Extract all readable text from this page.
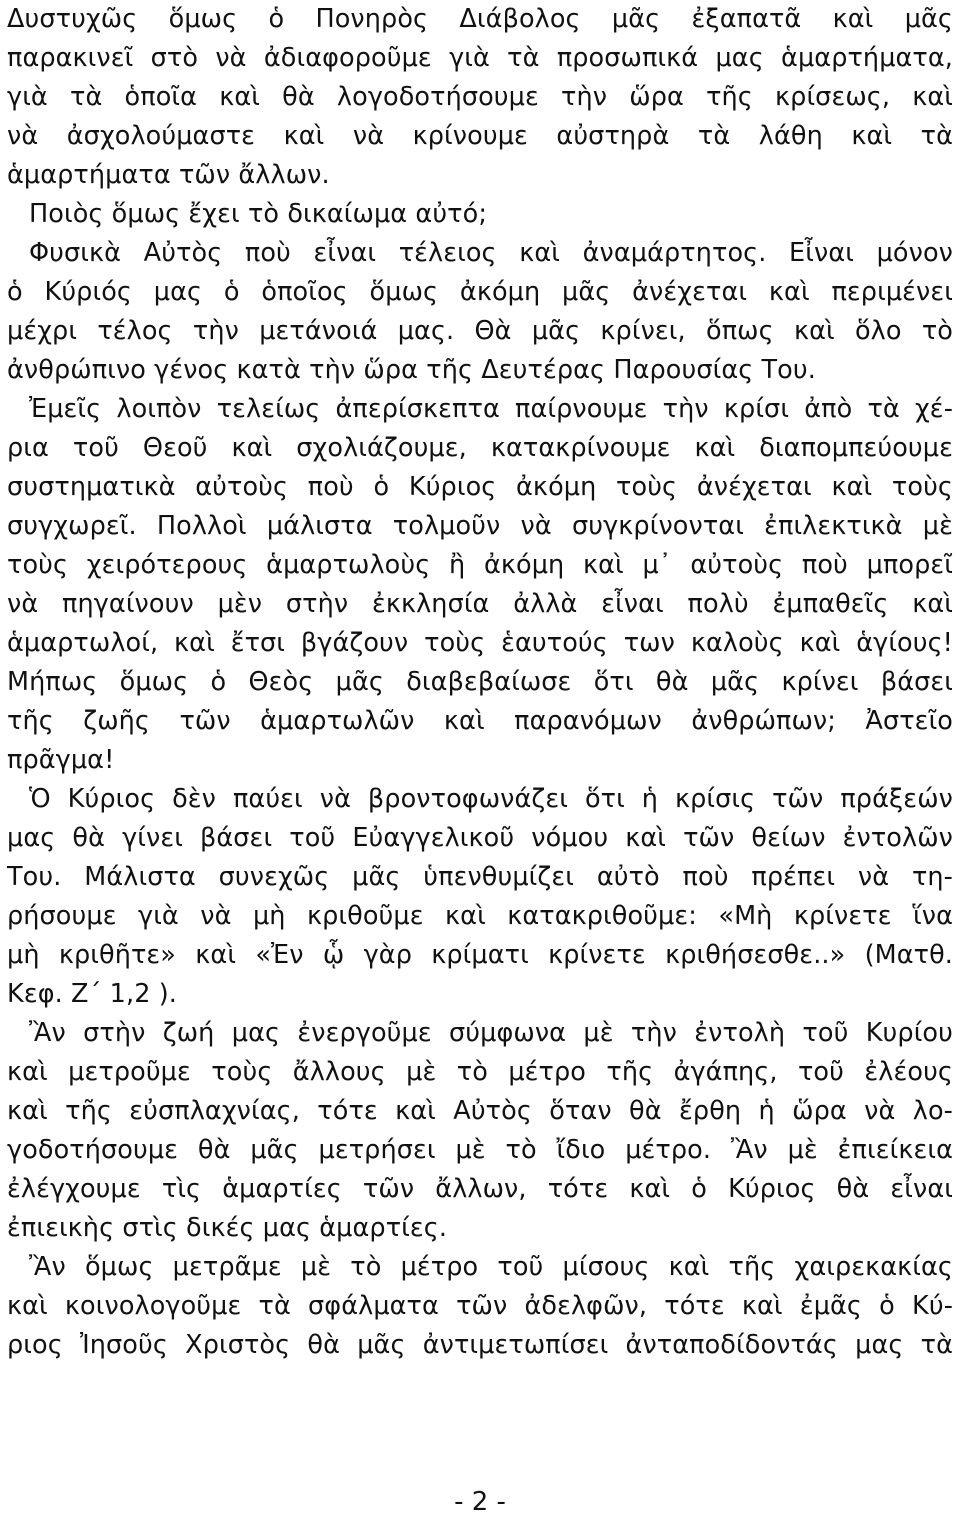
Δυστυχῶς ὅμως ὁ Πονηρὸς Διάβολος μᾶς ἐξαπατᾶ καὶ μᾶς
παρακινεῖ στὸ νὰ ἀδιαφοροῦμε γιὰ τὰ προσωπικά μας ἁμαρτήματα,
γιὰ τὰ ὁποῖα καὶ θὰ λογοδοτήσουμε τὴν ὥρα τῆς κρίσεως, καὶ
νὰ ἀσχολούμαστε καὶ νὰ κρίνουμε αὐστηρὰ τὰ λάθη καὶ τὰ
ἁμαρτήματα τῶν ἄλλων.
Ποιὸς ὅμως ἔχει τὸ δικαίωμα αὐτό;
Φυσικὰ Αὐτὸς ποὺ εἶναι τέλειος καὶ ἀναμάρτητος. Εἶναι μόνον
ὁ Κύριός μας ὁ ὁποῖος ὅμως ἀκόμη μᾶς ἀνέχεται καὶ περιμένει
μέχρι τέλος τὴν μετάνοιά μας. Θὰ μᾶς κρίνει, ὅπως καὶ ὅλο τὸ
ἀνθρώπινο γένος κατὰ τὴν ὥρα τῆς Δευτέρας Παρουσίας Του.
Ἐμεῖς λοιπὸν τελείως ἀπερίσκεπτα παίρνουμε τὴν κρίσι ἀπὸ τὰ χέ-
ρια τοῦ Θεοῦ καὶ σχολιάζουμε, κατακρίνουμε καὶ διαπομπεύουμε
συστηματικὰ αὐτοὺς ποὺ ὁ Κύριος ἀκόμη τοὺς ἀνέχεται καὶ τοὺς
συγχωρεῖ. Πολλοὶ μάλιστα τολμοῦν νὰ συγκρίνονται ἐπιλεκτικὰ μὲ
τοὺς χειρότερους ἁμαρτωλοὺς ἢ ἀκόμη καὶ μ᾽ αὐτοὺς ποὺ μπορεῖ
νὰ πηγαίνουν μὲν στὴν ἐκκλησία ἀλλὰ εἶναι πολὺ ἐμπαθεῖς καὶ
ἁμαρτωλοί, καὶ ἔτσι βγάζουν τοὺς ἑαυτούς των καλοὺς καὶ ἁγίους!
Μήπως ὅμως ὁ Θεὸς μᾶς διαβεβαίωσε ὅτι θὰ μᾶς κρίνει βάσει
τῆς ζωῆς τῶν ἁμαρτωλῶν καὶ παρανόμων ἀνθρώπων; Ἀστεῖο
πρᾶγμα!
Ὁ Κύριος δὲν παύει νὰ βροντοφωνάζει ὅτι ἡ κρίσις τῶν πράξεών
μας θὰ γίνει βάσει τοῦ Εὐαγγελικοῦ νόμου καὶ τῶν θείων ἐντολῶν
Του. Μάλιστα συνεχῶς μᾶς ὑπενθυμίζει αὐτὸ ποὺ πρέπει νὰ τη-
ρήσουμε γιὰ νὰ μὴ κριθοῦμε καὶ κατακριθοῦμε: «Μὴ κρίνετε ἵνα
μὴ κριθῆτε» καὶ «Ἐν ᾧ γὰρ κρίματι κρίνετε κριθήσεσθε..» (Ματθ.
Κεφ. Ζ΄ 1,2 ).
Ἂν στὴν ζωή μας ἐνεργοῦμε σύμφωνα μὲ τὴν ἐντολὴ τοῦ Κυρίου
καὶ μετροῦμε τοὺς ἄλλους μὲ τὸ μέτρο τῆς ἀγάπης, τοῦ ἐλέους
καὶ τῆς εὐσπλαχνίας, τότε καὶ Αὐτὸς ὅταν θὰ ἔρθη ἡ ὥρα νὰ λο-
γοδοτήσουμε θὰ μᾶς μετρήσει μὲ τὸ ἴδιο μέτρο. Ἂν μὲ ἐπιείκεια
ἐλέγχουμε τὶς ἁμαρτίες τῶν ἄλλων, τότε καὶ ὁ Κύριος θὰ εἶναι
ἐπιεικὴς στὶς δικές μας ἁμαρτίες.
Ἂν ὅμως μετρᾶμε μὲ τὸ μέτρο τοῦ μίσους καὶ τῆς χαιρεκακίας
καὶ κοινολογοῦμε τὰ σφάλματα τῶν ἀδελφῶν, τότε καὶ ἐμᾶς ὁ Κύ-
ριος Ἰησοῦς Χριστὸς θὰ μᾶς ἀντιμετωπίσει ἀνταποδίδοντάς μας τὰ
- 2 -
